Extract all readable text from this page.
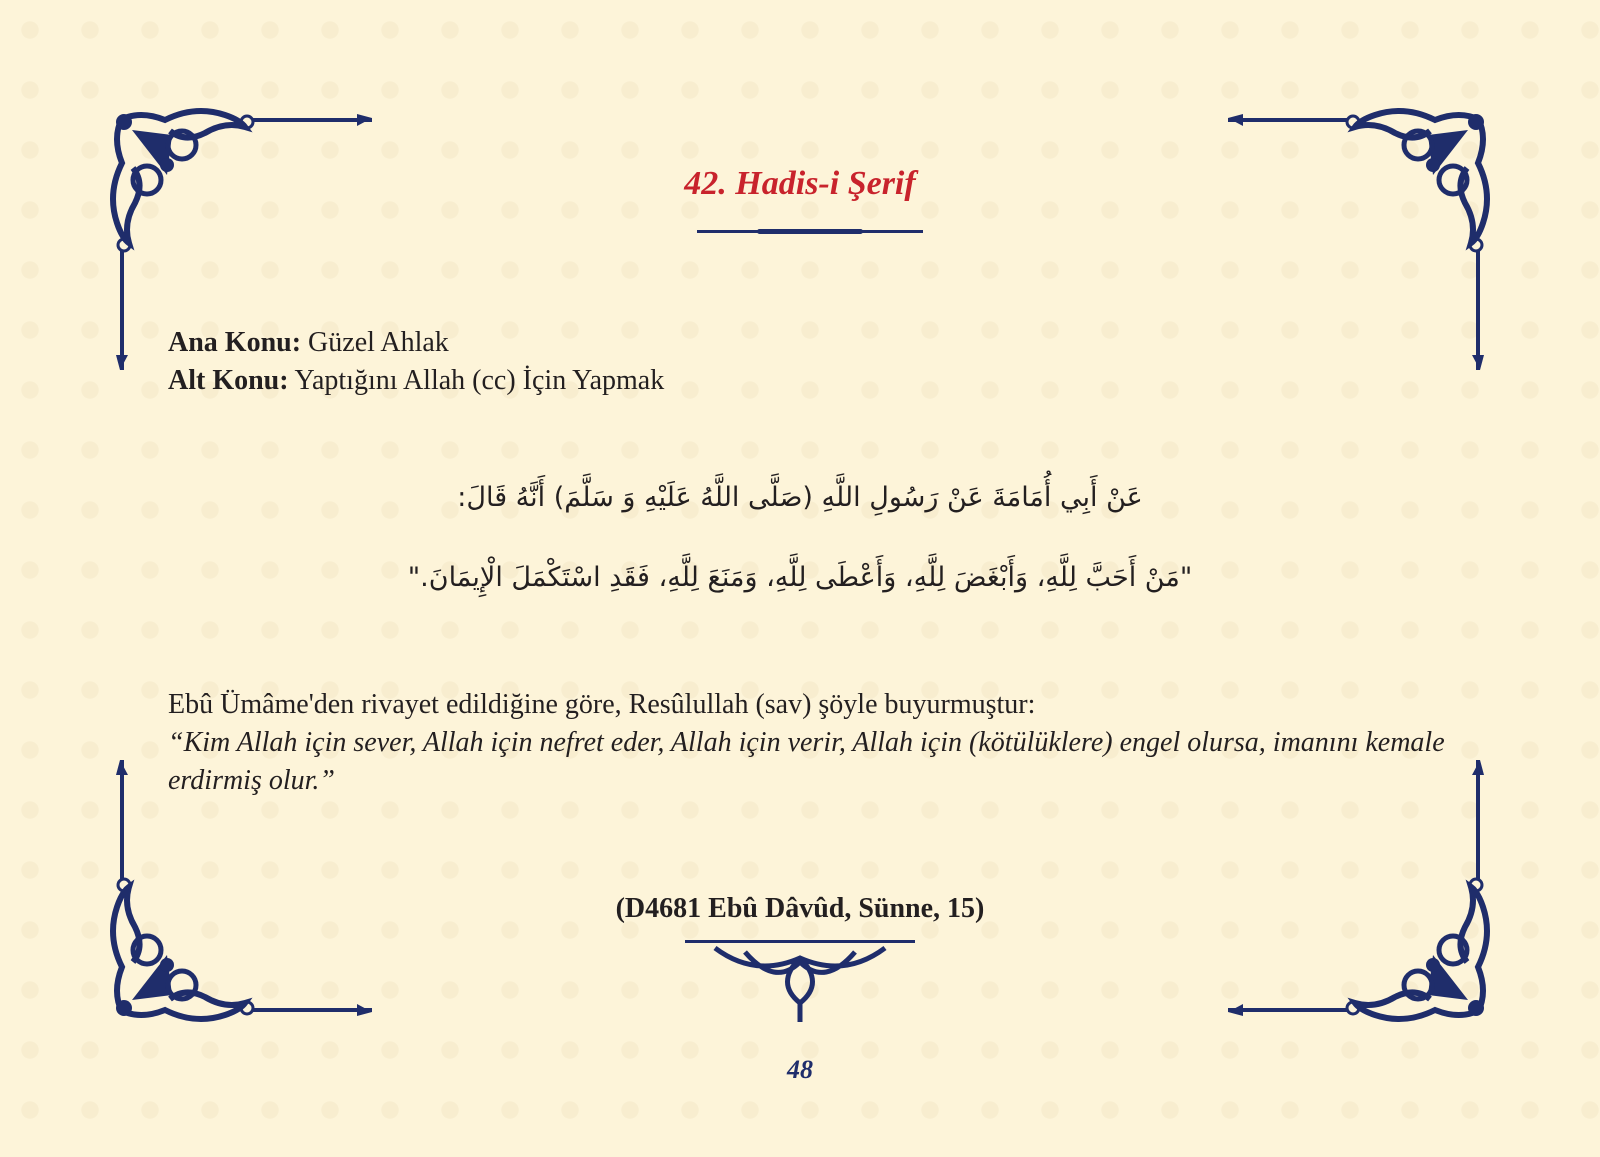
42. Hadis-i Şerif
Ana Konu: Güzel Ahlak
Alt Konu: Yaptığını Allah (cc) İçin Yapmak
عَنْ أَبِي أُمَامَةَ عَنْ رَسُولِ اللَّهِ (صَلَّى اللَّهُ عَلَيْهِ وَ سَلَّمَ) أَنَّهُ قَالَ:
"مَنْ أَحَبَّ لِلَّهِ، وَأَبْغَضَ لِلَّهِ، وَأَعْطَى لِلَّهِ، وَمَنَعَ لِلَّهِ، فَقَدِ اسْتَكْمَلَ الْإِيمَانَ."
Ebû Ümâme'den rivayet edildiğine göre, Resûlullah (sav) şöyle buyurmuştur:
“Kim Allah için sever, Allah için nefret eder, Allah için verir, Allah için (kötülüklere) engel olursa, imanını kemale erdirmiş olur.”
(D4681 Ebû Dâvûd, Sünne, 15)
48
